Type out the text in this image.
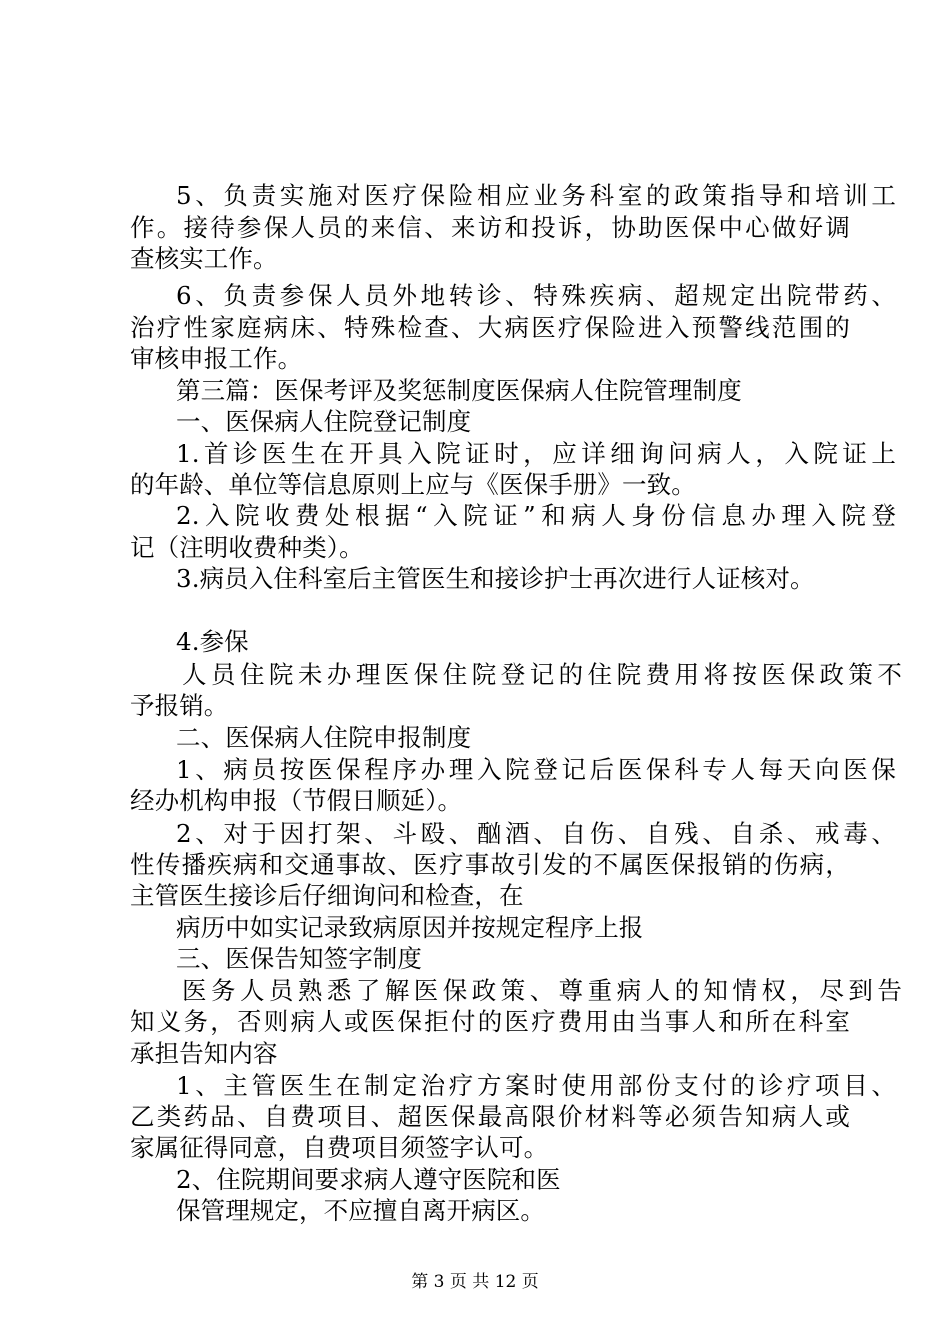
5、负责实施对医疗保险相应业务科室的政策指导和培训工
作。接待参保人员的来信、来访和投诉，协助医保中心做好调
查核实工作。
6、负责参保人员外地转诊、特殊疾病、超规定出院带药、
治疗性家庭病床、特殊检查、大病医疗保险进入预警线范围的
审核申报工作。
第三篇：医保考评及奖惩制度医保病人住院管理制度
一、医保病人住院登记制度
1.首诊医生在开具入院证时，应详细询问病人，入院证上
的年龄、单位等信息原则上应与《医保手册》一致。
2.入院收费处根据“入院证”和病人身份信息办理入院登
记（注明收费种类）。
3.病员入住科室后主管医生和接诊护士再次进行人证核对。
4.参保
人员住院未办理医保住院登记的住院费用将按医保政策不
予报销。
二、医保病人住院申报制度
1、病员按医保程序办理入院登记后医保科专人每天向医保
经办机构申报（节假日顺延）。
2、对于因打架、斗殴、酗酒、自伤、自残、自杀、戒毒、
性传播疾病和交通事故、医疗事故引发的不属医保报销的伤病，
主管医生接诊后仔细询问和检查，在
病历中如实记录致病原因并按规定程序上报
三、医保告知签字制度
医务人员熟悉了解医保政策、尊重病人的知情权，尽到告
知义务，否则病人或医保拒付的医疗费用由当事人和所在科室
承担告知内容
1、主管医生在制定治疗方案时使用部份支付的诊疗项目、
乙类药品、自费项目、超医保最高限价材料等必须告知病人或
家属征得同意，自费项目须签字认可。
2、住院期间要求病人遵守医院和医
保管理规定，不应擅自离开病区。
第 3 页 共 12 页
